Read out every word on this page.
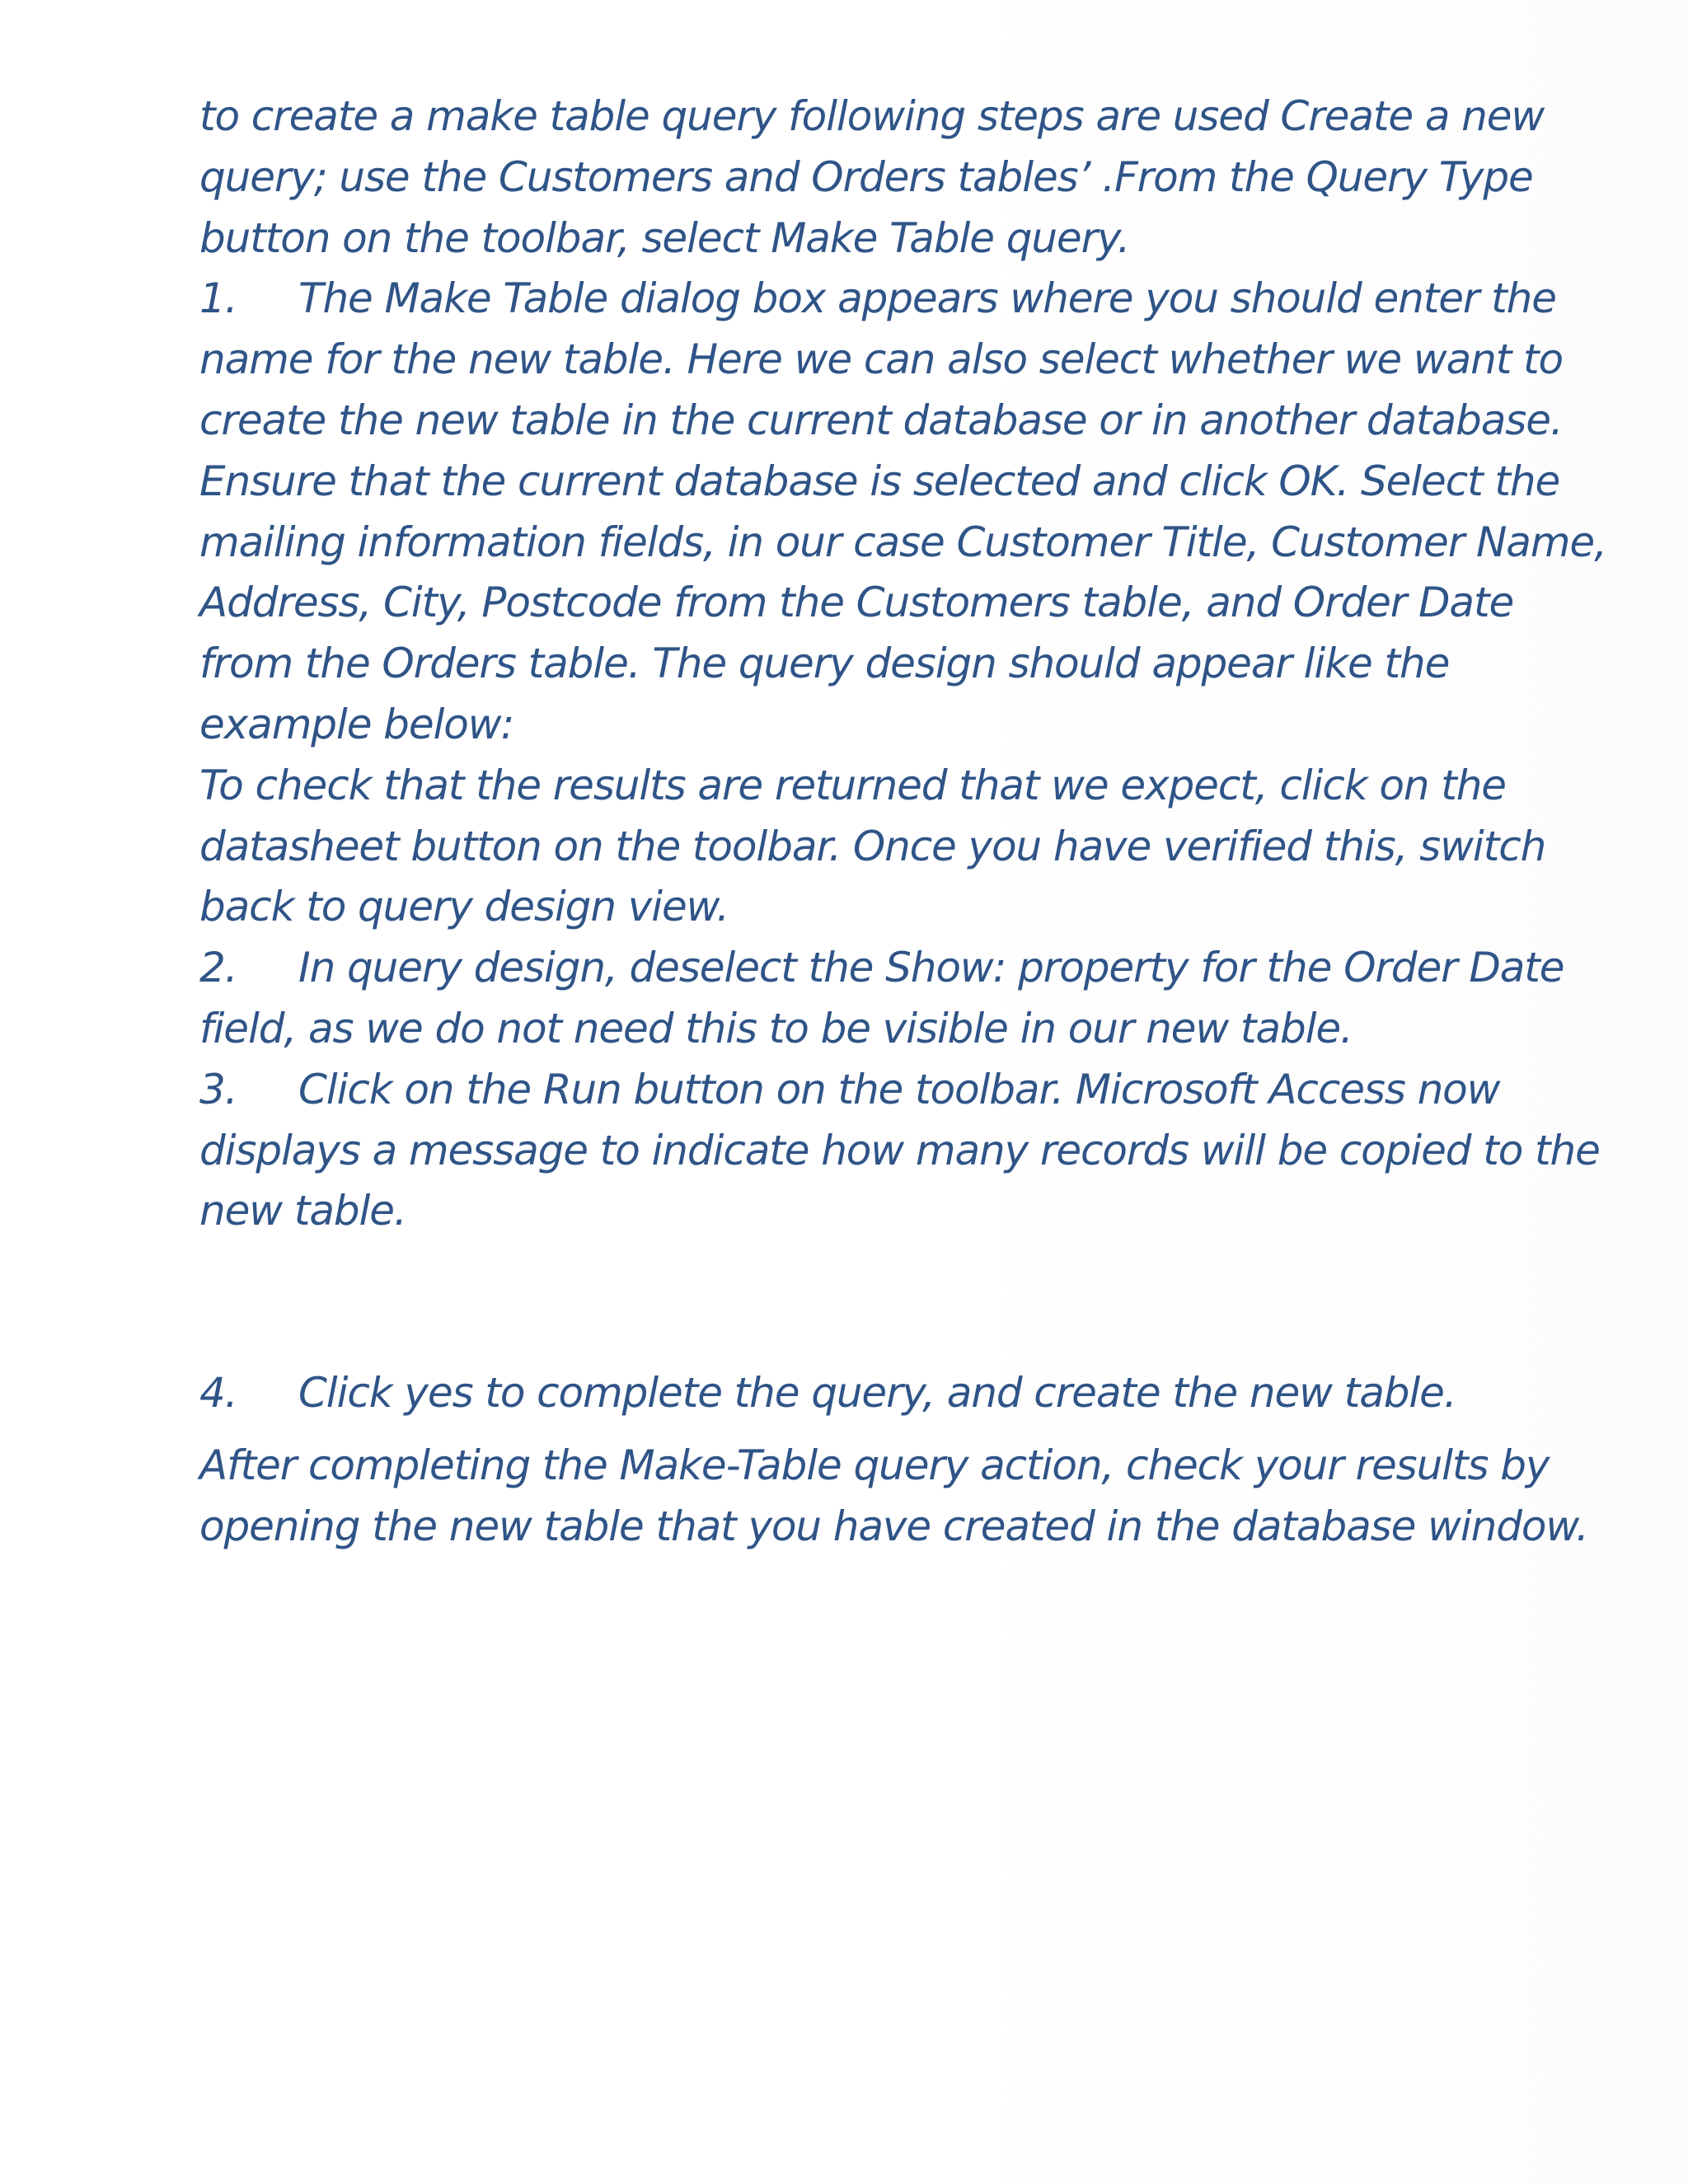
to create a make table query following steps are used Create a new
query; use the Customers and Orders tables’ .From the Query Type
button on the toolbar, select Make Table query.
1. The Make Table dialog box appears where you should enter the
name for the new table. Here we can also select whether we want to
create the new table in the current database or in another database.
Ensure that the current database is selected and click OK. Select the
mailing information fields, in our case Customer Title, Customer Name,
Address, City, Postcode from the Customers table, and Order Date
from the Orders table. The query design should appear like the
example below:
To check that the results are returned that we expect, click on the
datasheet button on the toolbar. Once you have verified this, switch
back to query design view.
2. In query design, deselect the Show: property for the Order Date
field, as we do not need this to be visible in our new table.
3. Click on the Run button on the toolbar. Microsoft Access now
displays a message to indicate how many records will be copied to the
new table.
4. Click yes to complete the query, and create the new table.
After completing the Make-Table query action, check your results by
opening the new table that you have created in the database window.
